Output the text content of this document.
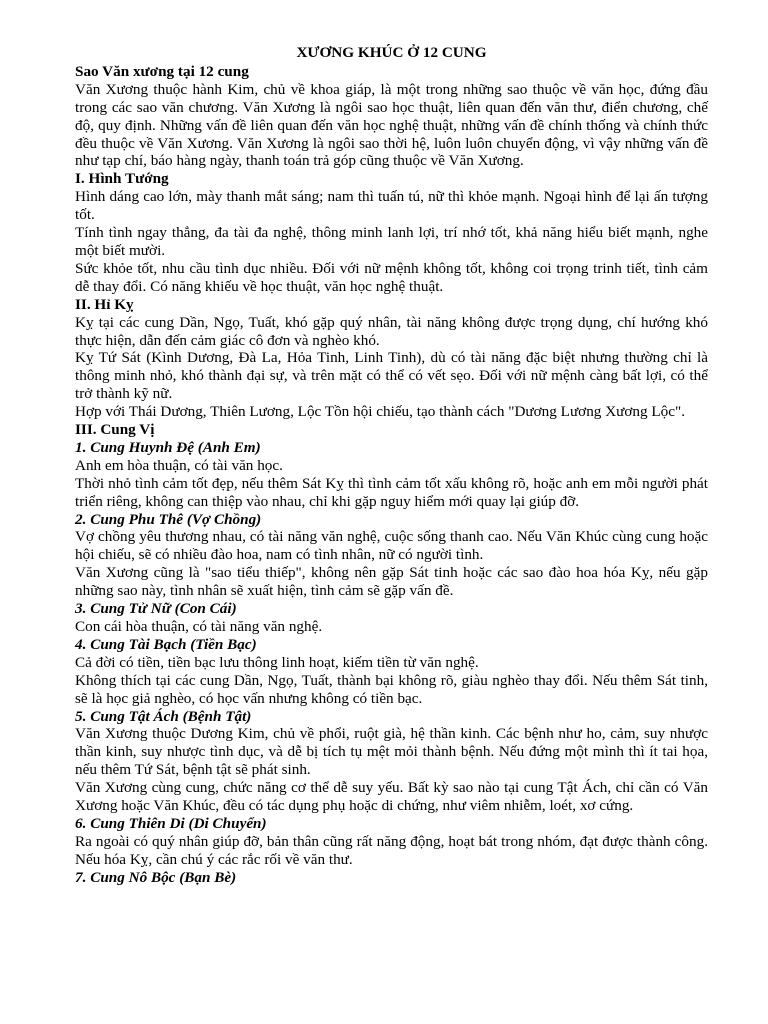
XƯƠNG KHÚC Ở 12 CUNG

Sao Văn xương tại 12 cung

Văn Xương thuộc hành Kim, chủ về khoa giáp, là một trong những sao thuộc về văn học, đứng đầu trong các sao văn chương. Văn Xương là ngôi sao học thuật, liên quan đến văn thư, điển chương, chế độ, quy định. Những vấn đề liên quan đến văn học nghệ thuật, những vấn đề chính thống và chính thức đều thuộc về Văn Xương. Văn Xương là ngôi sao thời hệ, luôn luôn chuyển động, vì vậy những vấn đề như tạp chí, báo hàng ngày, thanh toán trả góp cũng thuộc về Văn Xương.

I. Hình Tướng

Hình dáng cao lớn, mày thanh mắt sáng; nam thì tuấn tú, nữ thì khỏe mạnh. Ngoại hình để lại ấn tượng tốt.

Tính tình ngay thẳng, đa tài đa nghệ, thông minh lanh lợi, trí nhớ tốt, khả năng hiểu biết mạnh, nghe một biết mười.

Sức khỏe tốt, nhu cầu tình dục nhiều. Đối với nữ mệnh không tốt, không coi trọng trinh tiết, tình cảm dễ thay đổi. Có năng khiếu về học thuật, văn học nghệ thuật.

II. Hỉ Kỵ

Kỵ tại các cung Dần, Ngọ, Tuất, khó gặp quý nhân, tài năng không được trọng dụng, chí hướng khó thực hiện, dẫn đến cảm giác cô đơn và nghèo khó.

Kỵ Tứ Sát (Kình Dương, Đà La, Hỏa Tinh, Linh Tinh), dù có tài năng đặc biệt nhưng thường chỉ là thông minh nhỏ, khó thành đại sự, và trên mặt có thể có vết sẹo. Đối với nữ mệnh càng bất lợi, có thể trở thành kỹ nữ.

Hợp với Thái Dương, Thiên Lương, Lộc Tồn hội chiếu, tạo thành cách "Dương Lương Xương Lộc".

III. Cung Vị

1. Cung Huynh Đệ (Anh Em)

Anh em hòa thuận, có tài văn học.

Thời nhỏ tình cảm tốt đẹp, nếu thêm Sát Kỵ thì tình cảm tốt xấu không rõ, hoặc anh em mỗi người phát triển riêng, không can thiệp vào nhau, chỉ khi gặp nguy hiểm mới quay lại giúp đỡ.

2. Cung Phu Thê (Vợ Chồng)

Vợ chồng yêu thương nhau, có tài năng văn nghệ, cuộc sống thanh cao. Nếu Văn Khúc cùng cung hoặc hội chiếu, sẽ có nhiều đào hoa, nam có tình nhân, nữ có người tình.

Văn Xương cũng là "sao tiểu thiếp", không nên gặp Sát tinh hoặc các sao đào hoa hóa Kỵ, nếu gặp những sao này, tình nhân sẽ xuất hiện, tình cảm sẽ gặp vấn đề.

3. Cung Tử Nữ (Con Cái)

Con cái hòa thuận, có tài năng văn nghệ.

4. Cung Tài Bạch (Tiền Bạc)

Cả đời có tiền, tiền bạc lưu thông linh hoạt, kiếm tiền từ văn nghệ.

Không thích tại các cung Dần, Ngọ, Tuất, thành bại không rõ, giàu nghèo thay đổi. Nếu thêm Sát tinh, sẽ là học giả nghèo, có học vấn nhưng không có tiền bạc.

5. Cung Tật Ách (Bệnh Tật)

Văn Xương thuộc Dương Kim, chủ về phổi, ruột già, hệ thần kinh. Các bệnh như ho, cảm, suy nhược thần kinh, suy nhược tình dục, và dễ bị tích tụ mệt mỏi thành bệnh. Nếu đứng một mình thì ít tai họa, nếu thêm Tứ Sát, bệnh tật sẽ phát sinh.

Văn Xương cùng cung, chức năng cơ thể dễ suy yếu. Bất kỳ sao nào tại cung Tật Ách, chỉ cần có Văn Xương hoặc Văn Khúc, đều có tác dụng phụ hoặc di chứng, như viêm nhiễm, loét, xơ cứng.

6. Cung Thiên Di (Di Chuyển)

Ra ngoài có quý nhân giúp đỡ, bản thân cũng rất năng động, hoạt bát trong nhóm, đạt được thành công. Nếu hóa Kỵ, cần chú ý các rắc rối về văn thư.

7. Cung Nô Bộc (Bạn Bè)
